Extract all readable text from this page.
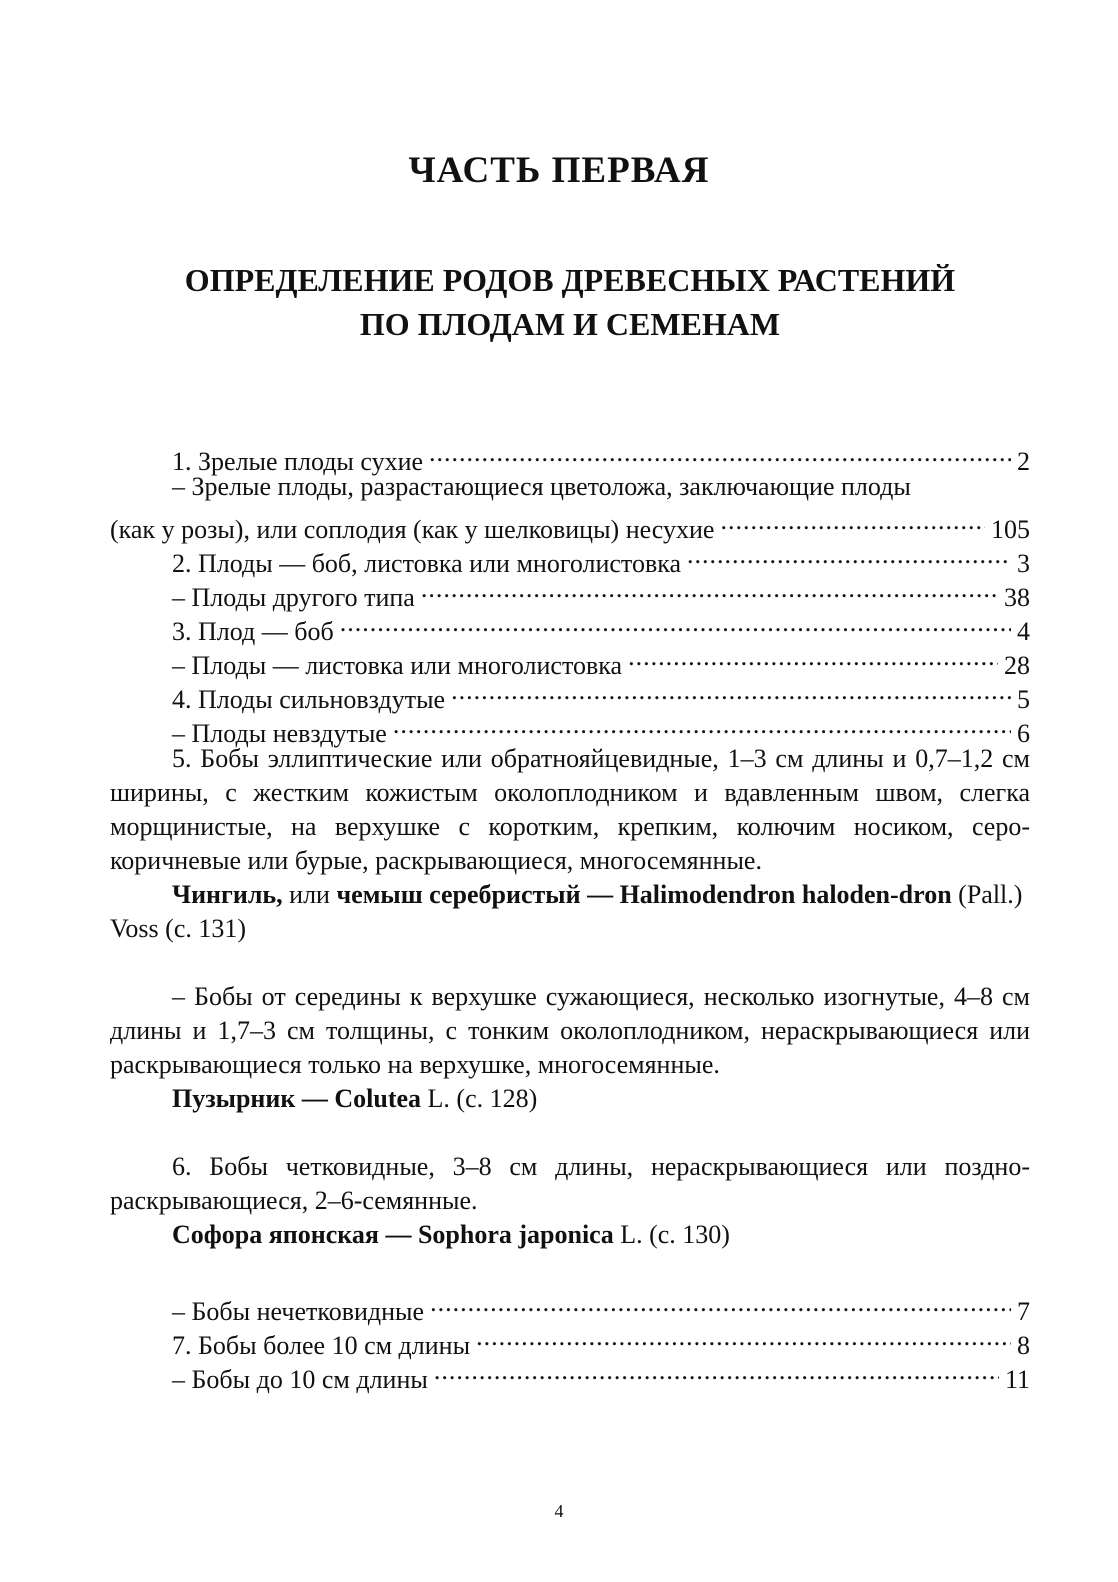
ЧАСТЬ ПЕРВАЯ
ОПРЕДЕЛЕНИЕ РОДОВ ДРЕВЕСНЫХ РАСТЕНИЙ
ПО ПЛОДАМ И СЕМЕНАМ
1. Зрелые плоды сухие .....	2
– Зрелые плоды, разрастающиеся цветоложа, заключающие плоды
(как у розы), или соплодия (как у шелковицы) несухие .....	105
2. Плоды — боб, листовка или многолистовка .....	3
– Плоды другого типа .....	38
3. Плод — боб .....	4
– Плоды — листовка или многолистовка .....	28
4. Плоды сильновздутые .....	5
– Плоды невздутые .....	6

5. Бобы эллиптические или обратнояйцевидные, 1–3 см длины и 0,7–1,2 см ширины, с жестким кожистым околоплодником и вдавленным швом, слегка морщинистые, на верхушке с коротким, крепким, колючим носиком, серо-коричневые или бурые, раскрывающиеся, многосемянные.

Чингиль, или чемыш серебристый — Halimodendron haloden-dron (Pall.) Voss (с. 131)

– Бобы от середины к верхушке сужающиеся, несколько изогнутые, 4–8 см длины и 1,7–3 см толщины, с тонким околоплодником, нераскрывающиеся или раскрывающиеся только на верхушке, многосемянные.

Пузырник — Colutea L. (с. 128)

6. Бобы четковидные, 3–8 см длины, нераскрывающиеся или поздно-раскрывающиеся, 2–6-семянные.

Софора японская — Sophora japonica L. (с. 130)

– Бобы нечетковидные .....	7
7. Бобы более 10 см длины .....	8
– Бобы до 10 см длины .....	11
4
